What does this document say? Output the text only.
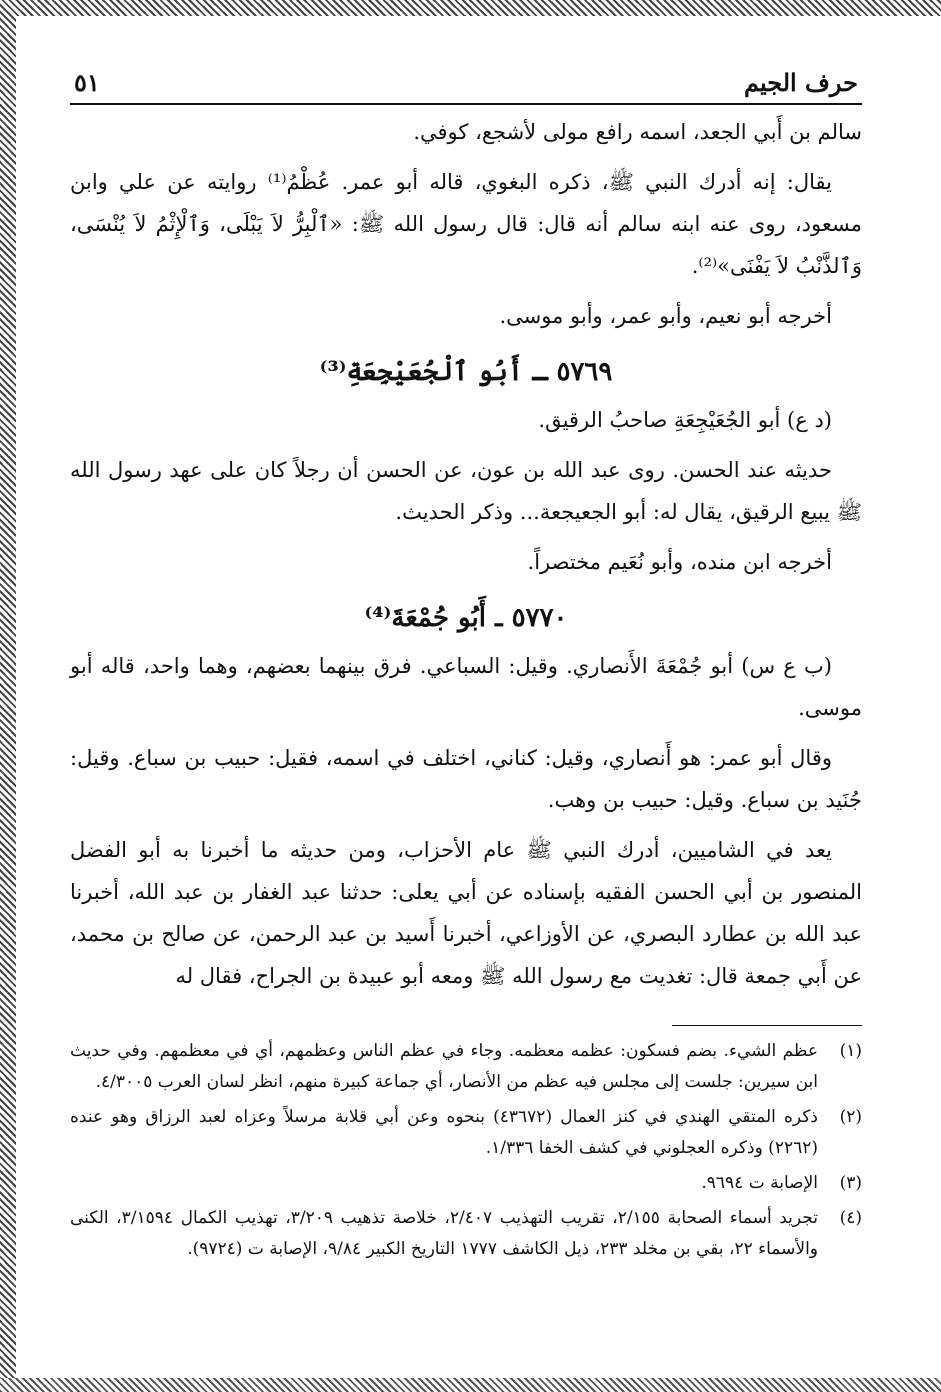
حرف الجيم
٥١

سالم بن أَبي الجعد، اسمه رافع مولى لأشجع، كوفي.

يقال: إنه أدرك النبي ﷺ، ذكره البغوي، قاله أبو عمر. عُظْمُ⁽¹⁾ روايته عن علي وابن مسعود، روى عنه ابنه سالم أنه قال: قال رسول الله ﷺ: «ٱلْبِرُّ لاَ يَبْلَى، وَٱلْإِثْمُ لاَ يُنْسَى، وَٱلذَّنْبُ لاَ يَفْنَى»⁽²⁾.

أخرجه أبو نعيم، وأبو عمر، وأبو موسى.

٥٧٦٩ ـ أَبُو ٱلْجُعَيْجِعَةِ⁽³⁾

(د ع) أبو الجُعَيْجِعَةِ صاحبُ الرقيق.

حديثه عند الحسن. روى عبد الله بن عون، عن الحسن أن رجلاً كان على عهد رسول الله ﷺ يبيع الرقيق، يقال له: أبو الجعيجعة... وذكر الحديث.

أخرجه ابن منده، وأبو نُعَيم مختصراً.

٥٧٧٠ ـ أَبُو جُمْعَةَ⁽⁴⁾

(ب ع س) أبو جُمْعَةَ الأَنصاري. وقيل: السباعي. فرق بينهما بعضهم، وهما واحد، قاله أبو موسى.

وقال أبو عمر: هو أَنصاري، وقيل: كناني، اختلف في اسمه، فقيل: حبيب بن سباع. وقيل: جُنَيد بن سباع. وقيل: حبيب بن وهب.

يعد في الشاميين، أدرك النبي ﷺ عام الأحزاب، ومن حديثه ما أخبرنا به أبو الفضل المنصور بن أبي الحسن الفقيه بإسناده عن أبي يعلى: حدثنا عبد الغفار بن عبد الله، أخبرنا عبد الله بن عطارد البصري، عن الأوزاعي، أخبرنا أَسيد بن عبد الرحمن، عن صالح بن محمد، عن أَبي جمعة قال: تغديت مع رسول الله ﷺ ومعه أبو عبيدة بن الجراح، فقال له

(١)
عظم الشيء. بضم فسكون: عظمه معظمه. وجاء في عظم الناس وعظمهم، أي في معظمهم. وفي حديث ابن سيرين: جلست إلى مجلس فيه عظم من الأنصار، أي جماعة كبيرة منهم، انظر لسان العرب ٤/٣٠٠٥.
(٢)
ذكره المتقي الهندي في كنز العمال (٤٣٦٧٢) بنحوه وعن أبي قلابة مرسلاً وعزاه لعبد الرزاق وهو عنده (٢٢٦٢) وذكره العجلوني في كشف الخفا ١/٣٣٦.
(٣)
الإصابة ت ٩٦٩٤.
(٤)
تجريد أسماء الصحابة ٢/١٥٥، تقريب التهذيب ٢/٤٠٧، خلاصة تذهيب ٣/٢٠٩، تهذيب الكمال ٣/١٥٩٤، الكنى والأسماء ٢٢، بقي بن مخلد ٢٣٣، ذيل الكاشف ١٧٧٧ التاريخ الكبير ٩/٨٤، الإصابة ت (٩٧٢٤).
